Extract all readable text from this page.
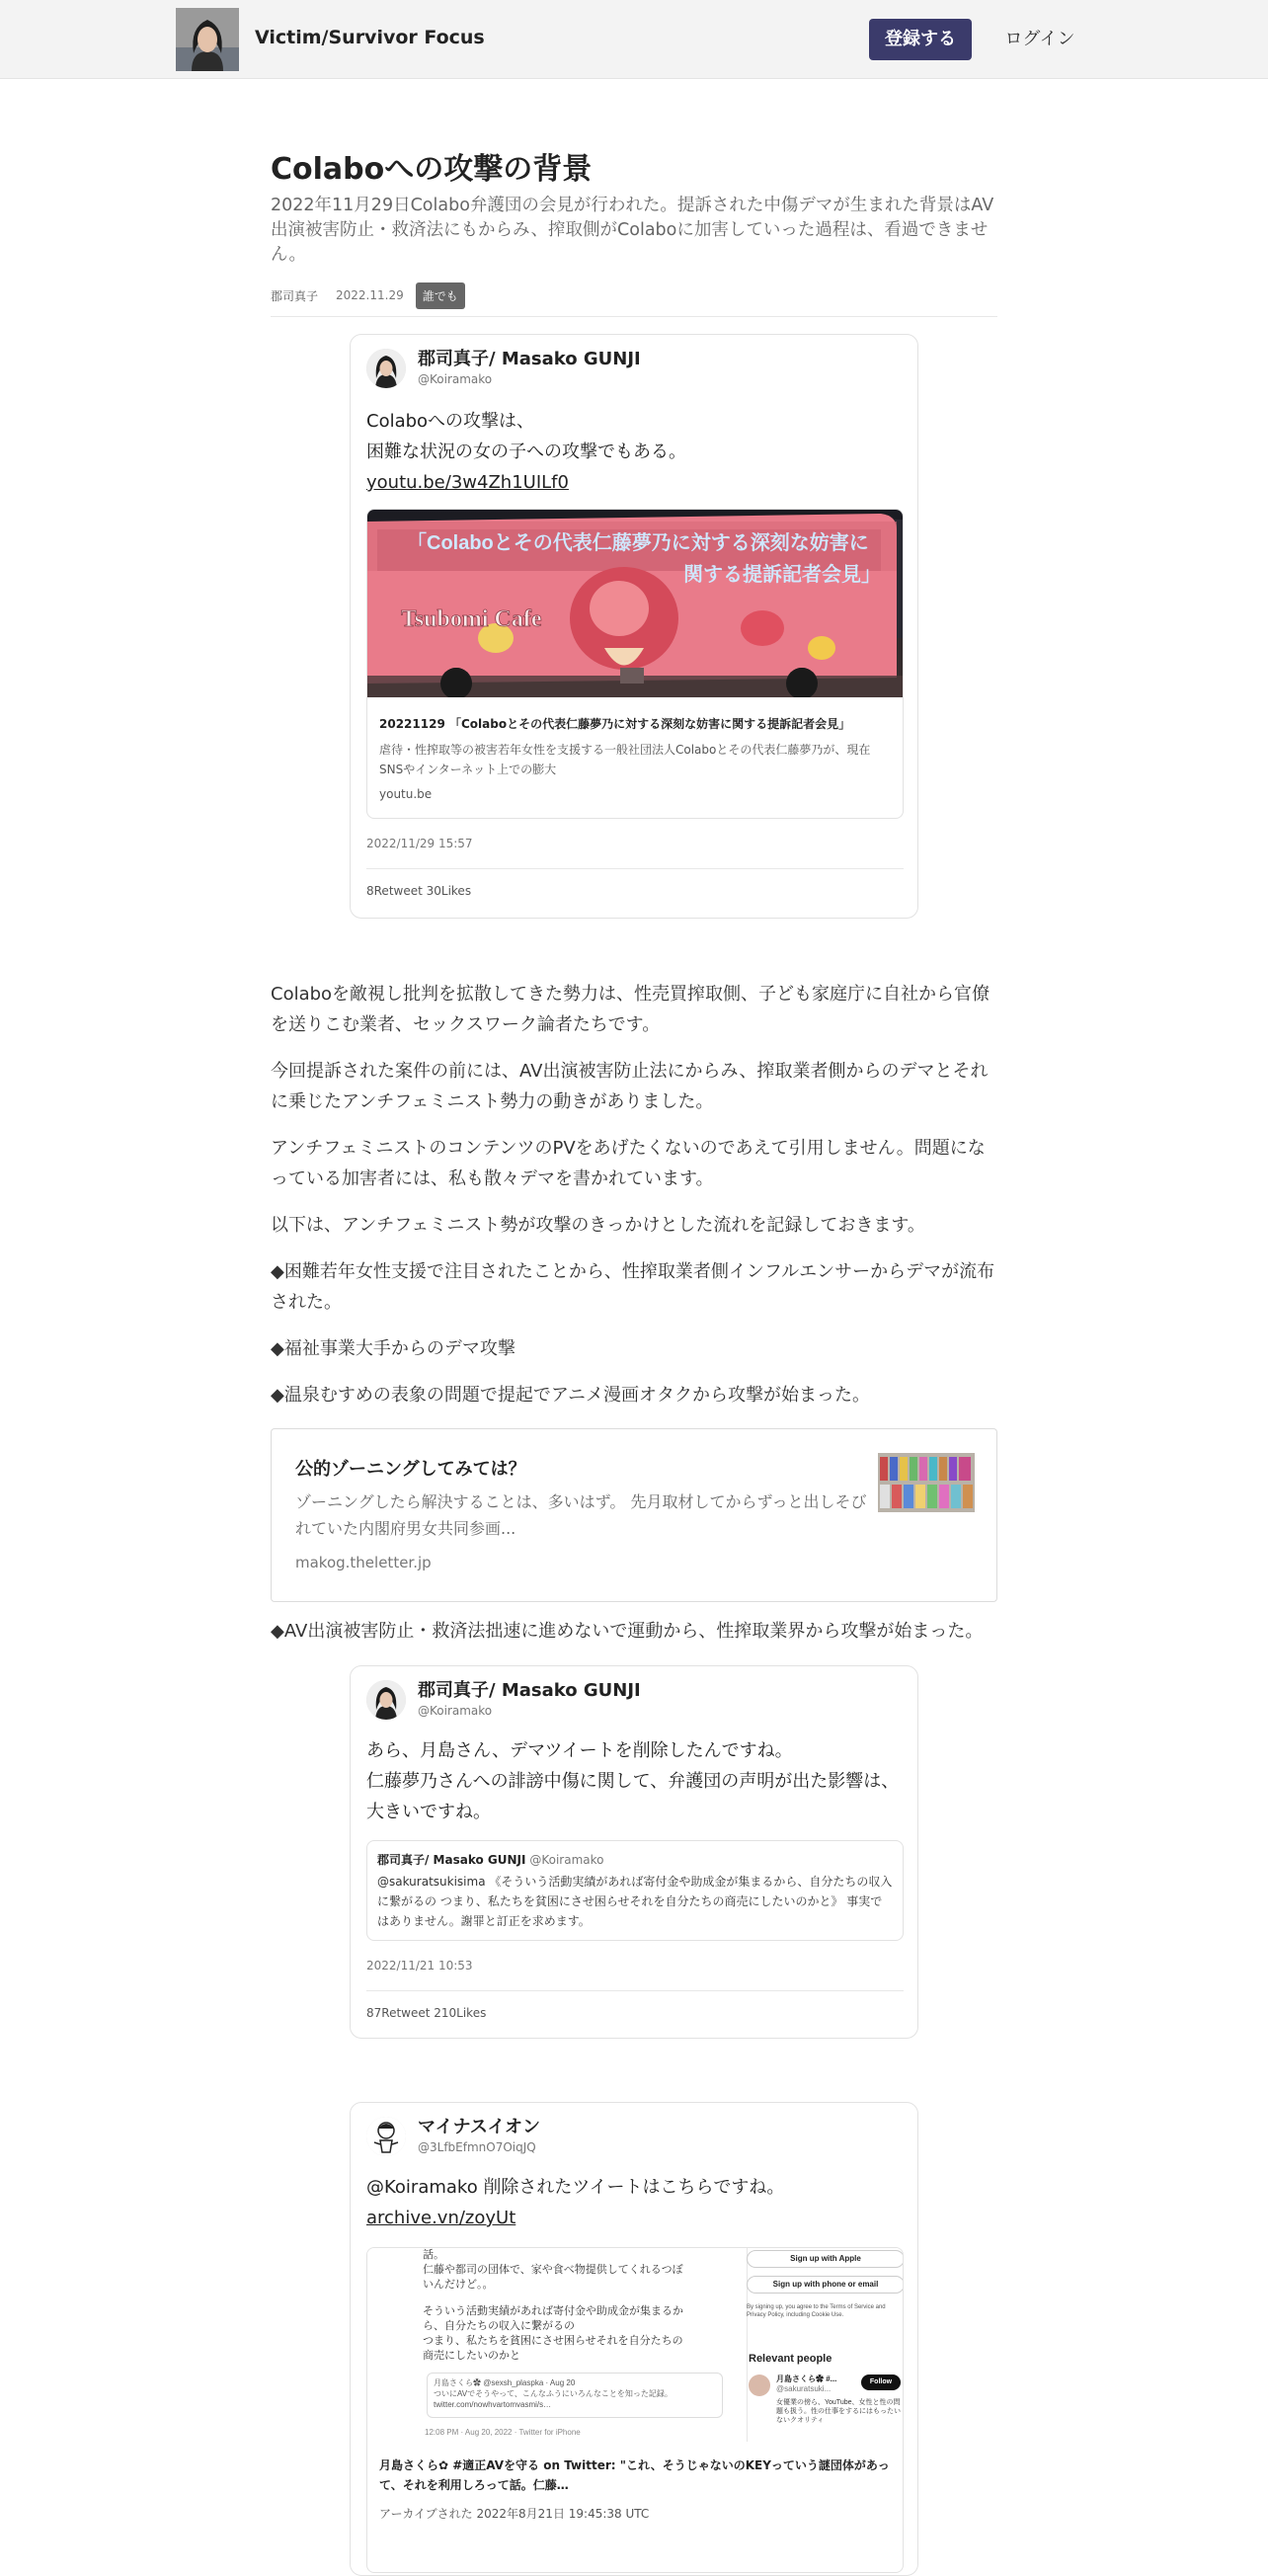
Victim/Survivor Focus	登録する	ログイン
Colaboへの攻撃の背景
2022年11月29日Colabo弁護団の会見が行われた。提訴された中傷デマが生まれた背景はAV出演被害防止・救済法にもからみ、搾取側がColaboに加害していった過程は、看過できません。
郡司真子 2022.11.29	誰でも
郡司真子/ Masako GUNJI
@Koiramako
Colaboへの攻撃は、
困難な状況の女の子への攻撃でもある。
youtu.be/3w4Zh1UILf0
「Colaboとその代表仁藤夢乃に対する深刻な妨害に
関する提訴記者会見」
Tsubomi Cafe
20221129 「Colaboとその代表仁藤夢乃に対する深刻な妨害に関する提訴記者会見」
虐待・性搾取等の被害若年女性を支援する一般社団法人Colaboとその代表仁藤夢乃が、現在SNSやインターネット上での膨大
youtu.be
2022/11/29 15:57
8Retweet 30Likes
Colaboを敵視し批判を拡散してきた勢力は、性売買搾取側、子ども家庭庁に自社から官僚を送りこむ業者、セックスワーク論者たちです。
今回提訴された案件の前には、AV出演被害防止法にからみ、搾取業者側からのデマとそれに乗じたアンチフェミニスト勢力の動きがありました。
アンチフェミニストのコンテンツのPVをあげたくないのであえて引用しません。問題になっている加害者には、私も散々デマを書かれています。
以下は、アンチフェミニスト勢が攻撃のきっかけとした流れを記録しておきます。
◆困難若年女性支援で注目されたことから、性搾取業者側インフルエンサーからデマが流布された。
◆福祉事業大手からのデマ攻撃
◆温泉むすめの表象の問題で提起でアニメ漫画オタクから攻撃が始まった。
公的ゾーニングしてみては？
ゾーニングしたら解決することは、多いはず。 先月取材してからずっと出しそびれていた内閣府男女共同参画...
makog.theletter.jp
◆AV出演被害防止・救済法拙速に進めないで運動から、性搾取業界から攻撃が始まった。
郡司真子/ Masako GUNJI
@Koiramako
あら、月島さん、デマツイートを削除したんですね。
仁藤夢乃さんへの誹謗中傷に関して、弁護団の声明が出た影響は、
大きいですね。
郡司真子/ Masako GUNJI @Koiramako
@sakuratsukisima 《そういう活動実績があれば寄付金や助成金が集まるから、自分たちの収入に繋がるの つまり、私たちを貧困にさせ困らせそれを自分たちの商売にしたいのかと》 事実ではありません。謝罪と訂正を求めます。
2022/11/21 10:53
87Retweet 210Likes
マイナスイオン
@3LfbEfmnO7OiqJQ
@Koiramako 削除されたツイートはこちらですね。
archive.vn/zoyUt
話。
仁藤や都司の団体で、家や食べ物提供してくれるつぼ
いんだけど。。
そういう活動実績があれば寄付金や助成金が集まるか
ら、自分たちの収入に繋がるの
つまり、私たちを貧困にさせ困らせそれを自分たちの
商売にしたいのかと
月島さくら✿ @sexsh_plaspka · Aug 20
ついにAVでそうやって、こんなふうにいろんなことを知った記録。
twitter.com/nowhvartomvasmi/s…
12:08 PM · Aug 20, 2022 · Twitter for iPhone
Sign up with Apple
Sign up with phone or email
By signing up, you agree to the Terms of Service and Privacy Policy, including Cookie Use.
Relevant people
月島さくら✿ #...
@sakuratsuki...
Follow
女優業の傍ら、YouTube、女性と性の問題も扱う。性の仕事をするにはもったいないクオリティ
月島さくら✿ #適正AVを守る on Twitter: "これ、そうじゃないのKEYっていう謎団体があって、それを利用しろって話。仁藤…
アーカイブされた 2022年8月21日 19:45:38 UTC
